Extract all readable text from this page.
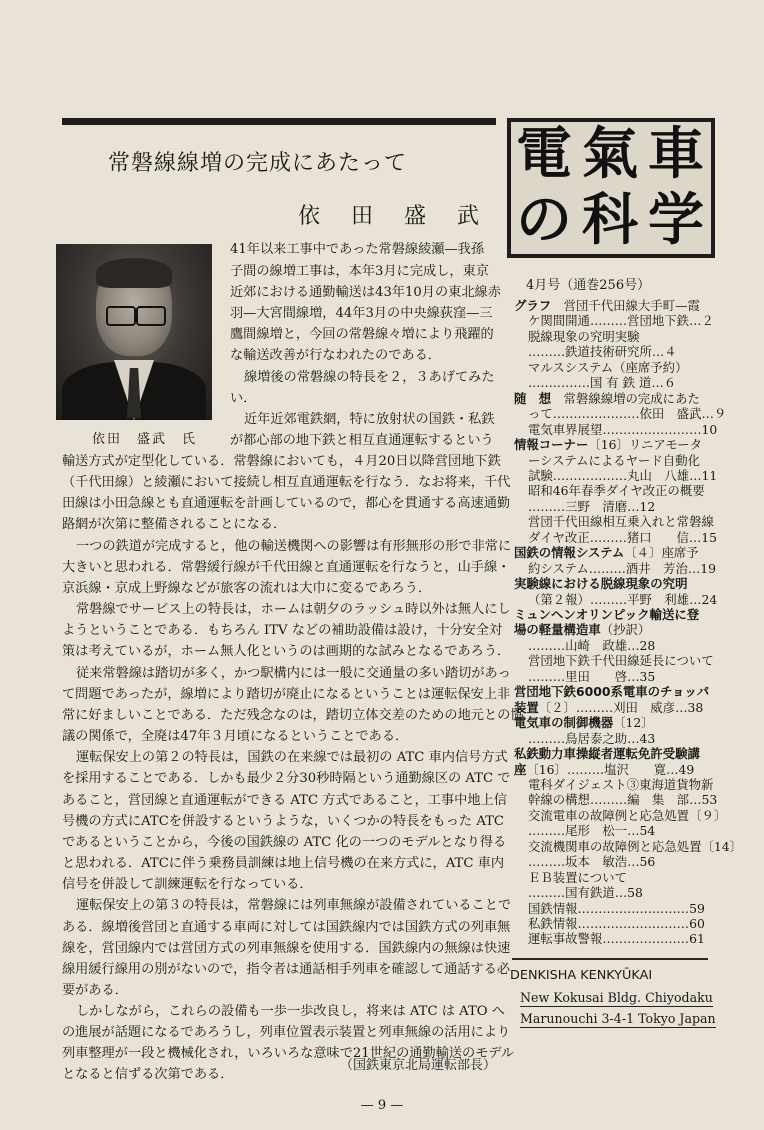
常磐線線増の完成にあたって
依 田 盛 武
依田　盛武　氏
41年以来工事中であった常磐線綾瀬—我孫
子間の線増工事は，本年3月に完成し，東京
近郊における通勤輸送は43年10月の東北線赤
羽—大宮間線増，44年3月の中央線荻窪—三
鷹間線増と，今回の常磐線々増により飛躍的
な輸送改善が行なわれたのである．
線増後の常磐線の特長を２，３あげてみた
い．
近年近郊電鉄網，特に放射状の国鉄・私鉄
が都心部の地下鉄と相互直通運転するという
輸送方式が定型化している．常磐線においても，４月20日以降営団地下鉄
（千代田線）と綾瀬において接続し相互直通運転を行なう．なお将来，千代
田線は小田急線とも直通運転を計画しているので，都心を貫通する高速通勤
路網が次第に整備されることになる．
一つの鉄道が完成すると，他の輸送機関への影響は有形無形の形で非常に
大きいと思われる．常磐緩行線が千代田線と直通運転を行なうと，山手線・
京浜線・京成上野線などが旅客の流れは大巾に変るであろう．
常磐線でサービス上の特長は，ホームは朝夕のラッシュ時以外は無人にし
ようということである．もちろん ITV などの補助設備は設け，十分安全対
策は考えているが，ホーム無人化というのは画期的な試みとなるであろう．
従来常磐線は踏切が多く，かつ駅構内には一般に交通量の多い踏切があっ
て問題であったが，線増により踏切が廃止になるということは運転保安上非
常に好ましいことである．ただ残念なのは，踏切立体交差のための地元との協
議の関係で，全廃は47年３月頃になるということである．
運転保安上の第２の特長は，国鉄の在来線では最初の ATC 車内信号方式
を採用することである．しかも最少２分30秒時隔という通勤線区の ATC で
あること，営団線と直通運転ができる ATC 方式であること，工事中地上信
号機の方式にATCを併設するというような，いくつかの特長をもった ATC
であるということから，今後の国鉄線の ATC 化の一つのモデルとなり得る
と思われる．ATCに伴う乗務員訓練は地上信号機の在来方式に，ATC 車内
信号を併設して訓練運転を行なっている．
運転保安上の第３の特長は，常磐線には列車無線が設備されていることで
ある．線増後営団と直通する車両に対しては国鉄線内では国鉄方式の列車無
線を，営団線内では営団方式の列車無線を使用する．国鉄線内の無線は快速
線用緩行線用の別がないので，指令者は通話相手列車を確認して通話する必
要がある．
しかしながら，これらの設備も一歩一歩改良し，将来は ATC は ATO へ
の進展が話題になるであろうし，列車位置表示装置と列車無線の活用により
列車整理が一段と機械化され，いろいろな意味で21世紀の通勤輸送のモデル
となると信ずる次第である．
（国鉄東京北局運転部長）
— 9 —
電 氣 車
の 科 学
4月号（通巻256号）
グラフ　営団千代田線大手町—霞
ケ関間開通………営団地下鉄…２
脱線現象の究明実験
………鉄道技術研究所…４
マルスシステム（座席予約）
……………国 有 鉄 道…６
随　想　常磐線線増の完成にあた
って…………………依田　盛武…９
電気車界展望……………………10
情報コーナー〔16〕リニアモータ
ーシステムによるヤード自動化
試験………………丸山　八雄…11
昭和46年春季ダイヤ改正の概要
………三野　清磨…12
営団千代田線相互乗入れと常磐線
ダイヤ改正………猪口　　信…15
国鉄の情報システム〔４〕座席予
約システム………酒井　芳治…19
実験線における脱線現象の究明
（第２報）………平野　利雄…24
ミュンヘンオリンピック輸送に登
場の軽量構造車（抄訳）
………山崎　政雄…28
営団地下鉄千代田線延長について
………里田　　啓…35
営団地下鉄6000系電車のチョッパ
装置〔２〕………刈田　威彦…38
電気車の制御機器〔12〕
………鳥居泰之助…43
私鉄動力車操縦者運転免許受験講
座〔16〕………塩沢　　寛…49
電科ダイジェスト③東海道貨物新
幹線の構想………編　集　部…53
交流電車の故障例と応急処置〔９〕
………尾形　松一…54
交流機関車の故障例と応急処置〔14〕
………坂本　敏浩…56
ＥＢ装置について
………国有鉄道…58
国鉄情報………………………59
私鉄情報………………………60
運転事故警報…………………61
DENKISHA KENKYŪKAI
New Kokusai Bldg. Chiyodaku
Marunouchi 3-4-1 Tokyo Japan
